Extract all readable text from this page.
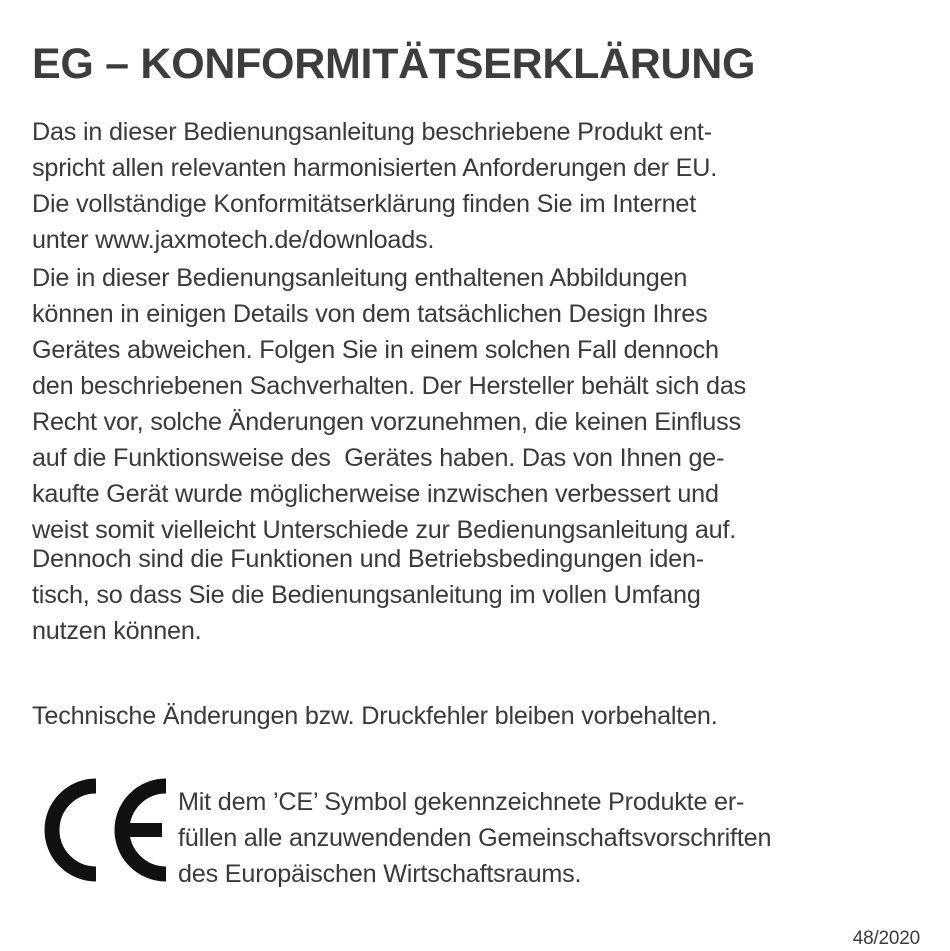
EG – KONFORMITÄTSERKLÄRUNG
Das in dieser Bedienungsanleitung beschriebene Produkt ent-
spricht allen relevanten harmonisierten Anforderungen der EU.
Die vollständige Konformitätserklärung finden Sie im Internet
unter www.jaxmotech.de/downloads.
Die in dieser Bedienungsanleitung enthaltenen Abbildungen
können in einigen Details von dem tatsächlichen Design Ihres
Gerätes abweichen. Folgen Sie in einem solchen Fall dennoch
den beschriebenen Sachverhalten. Der Hersteller behält sich das
Recht vor, solche Änderungen vorzunehmen, die keinen Einfluss
auf die Funktionsweise des  Gerätes haben. Das von Ihnen ge-
kaufte Gerät wurde möglicherweise inzwischen verbessert und
weist somit vielleicht Unterschiede zur Bedienungsanleitung auf.
Dennoch sind die Funktionen und Betriebsbedingungen iden-
tisch, so dass Sie die Bedienungsanleitung im vollen Umfang
nutzen können.
Technische Änderungen bzw. Druckfehler bleiben vorbehalten.
Mit dem ’CE’ Symbol gekennzeichnete Produkte er-
füllen alle anzuwendenden Gemeinschaftsvorschriften
des Europäischen Wirtschaftsraums.
48/2020
